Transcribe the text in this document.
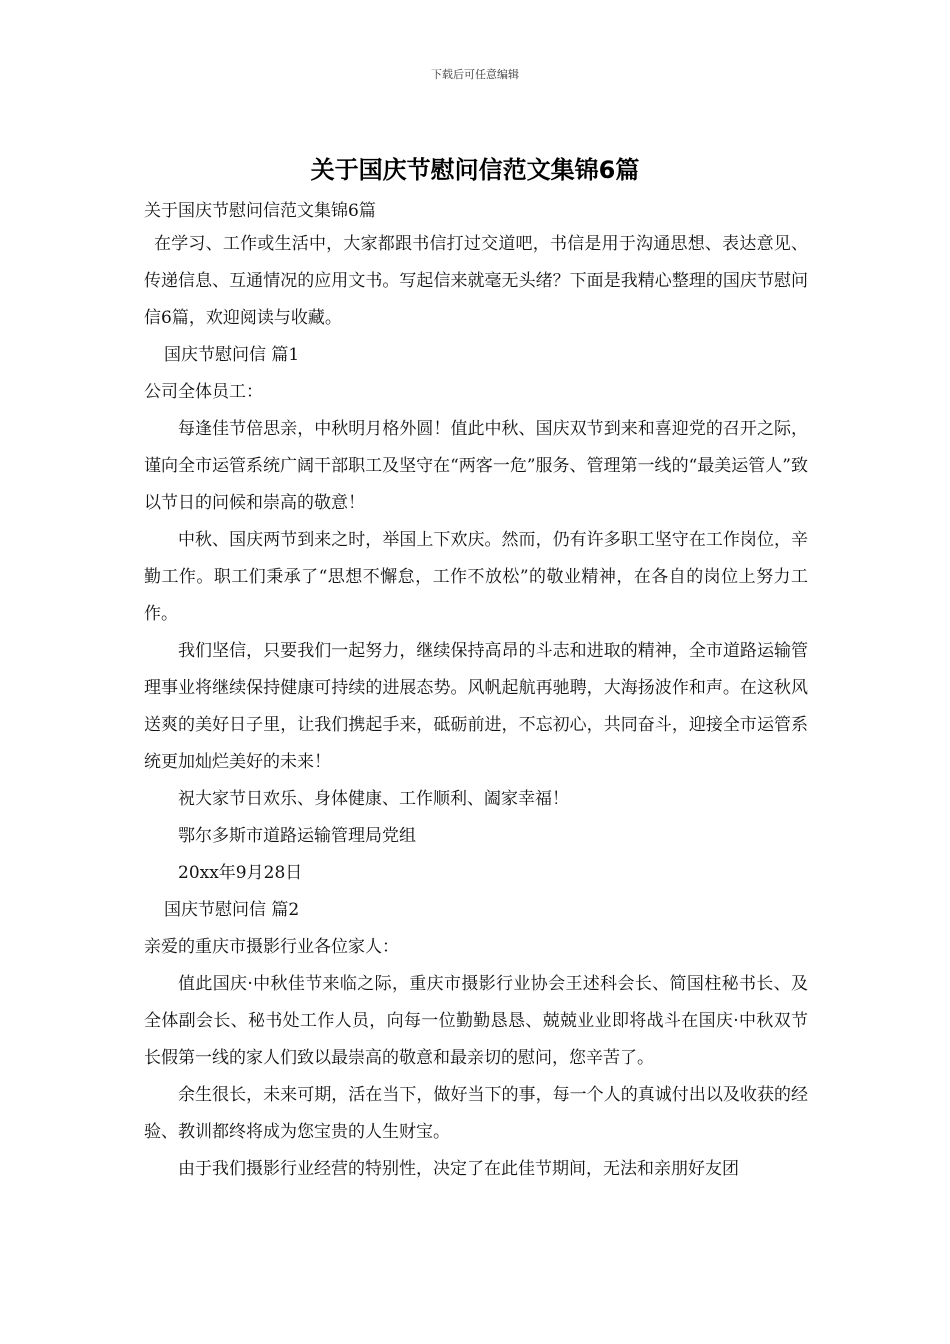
下载后可任意编辑
关于国庆节慰问信范文集锦6篇

关于国庆节慰问信范文集锦6篇

在学习、工作或生活中，大家都跟书信打过交道吧，书信是用于沟通思想、表达意见、传递信息、互通情况的应用文书。写起信来就毫无头绪？下面是我精心整理的国庆节慰问信6篇，欢迎阅读与收藏。

国庆节慰问信 篇1

公司全体员工：

每逢佳节倍思亲，中秋明月格外圆！值此中秋、国庆双节到来和喜迎党的召开之际，谨向全市运管系统广阔干部职工及坚守在“两客一危”服务、管理第一线的“最美运管人”致以节日的问候和崇高的敬意！

中秋、国庆两节到来之时，举国上下欢庆。然而，仍有许多职工坚守在工作岗位，辛勤工作。职工们秉承了“思想不懈怠，工作不放松”的敬业精神，在各自的岗位上努力工作。

我们坚信，只要我们一起努力，继续保持高昂的斗志和进取的精神，全市道路运输管理事业将继续保持健康可持续的进展态势。风帆起航再驰聘，大海扬波作和声。在这秋风送爽的美好日子里，让我们携起手来，砥砺前进，不忘初心，共同奋斗，迎接全市运管系统更加灿烂美好的未来！

祝大家节日欢乐、身体健康、工作顺利、阖家幸福！

鄂尔多斯市道路运输管理局党组

20xx年9月28日

国庆节慰问信 篇2

亲爱的重庆市摄影行业各位家人：

值此国庆·中秋佳节来临之际，重庆市摄影行业协会王述科会长、简国柱秘书长、及全体副会长、秘书处工作人员，向每一位勤勤恳恳、兢兢业业即将战斗在国庆·中秋双节长假第一线的家人们致以最崇高的敬意和最亲切的慰问，您辛苦了。

余生很长，未来可期，活在当下，做好当下的事，每一个人的真诚付出以及收获的经验、教训都终将成为您宝贵的人生财宝。

由于我们摄影行业经营的特别性，决定了在此佳节期间，无法和亲朋好友团
